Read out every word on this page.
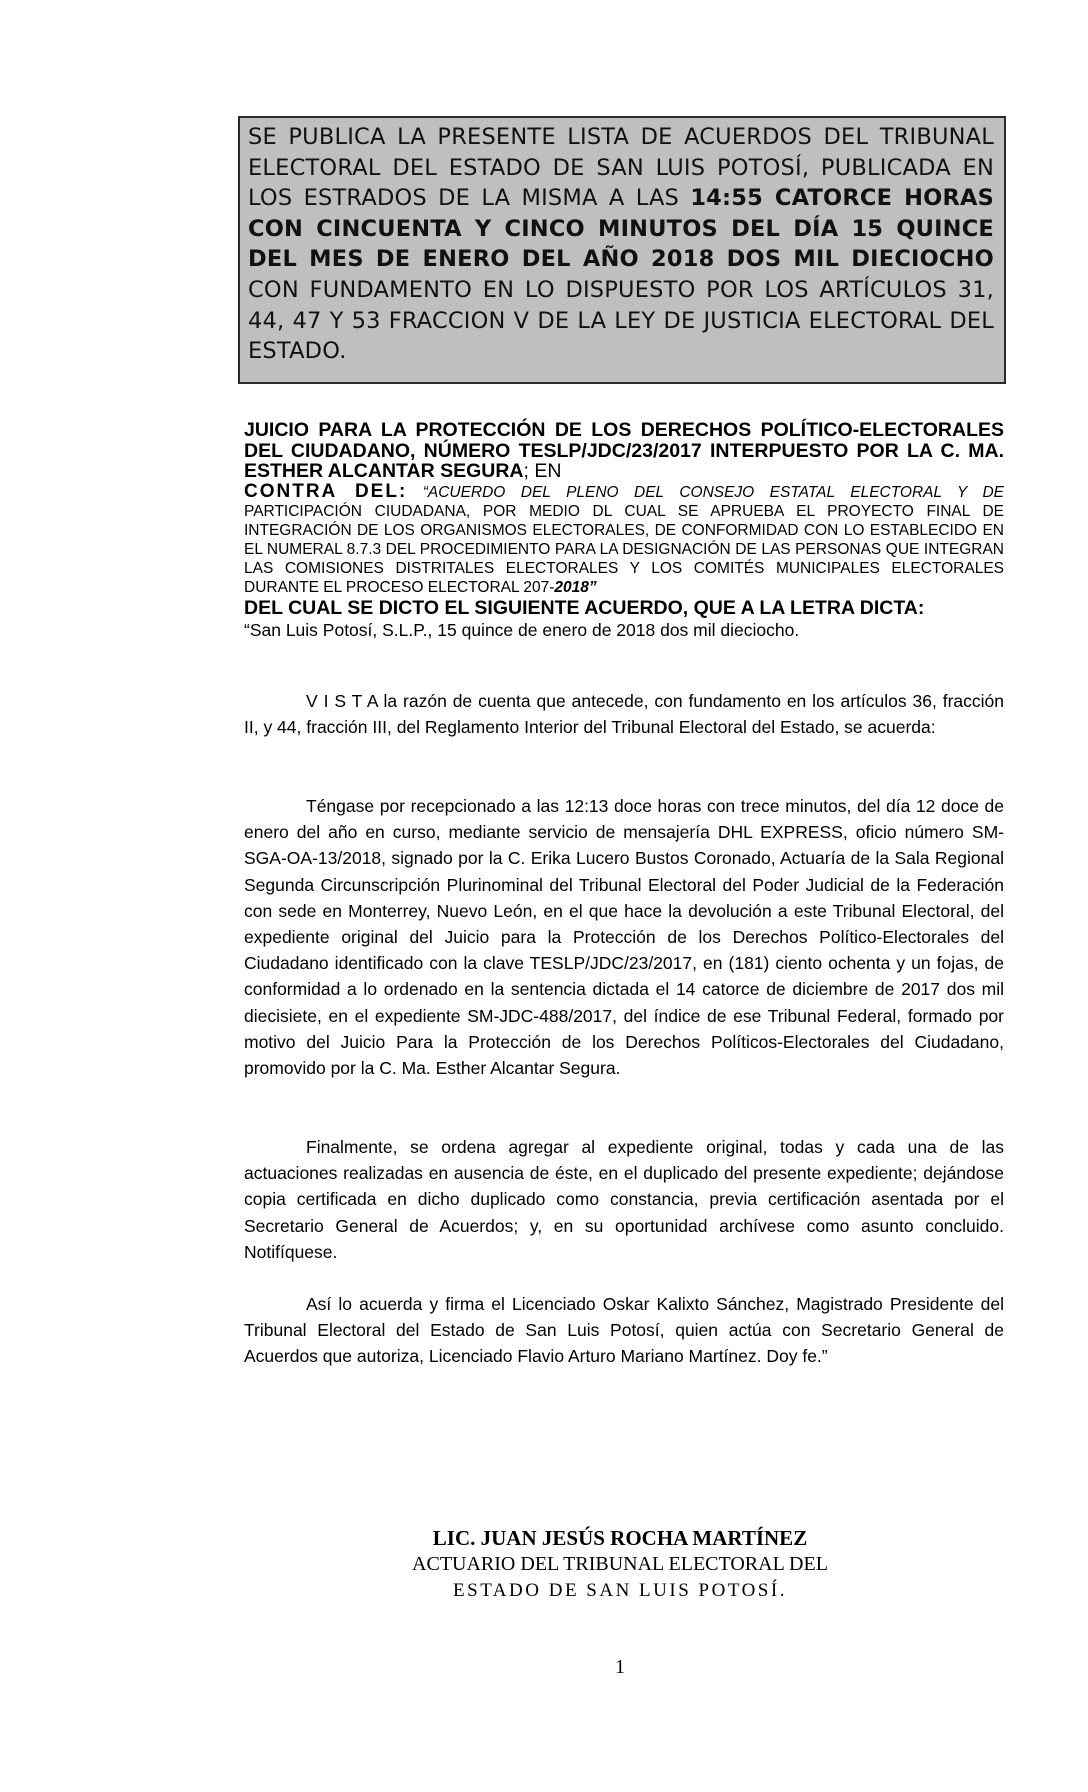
SE PUBLICA LA PRESENTE LISTA DE ACUERDOS DEL TRIBUNAL ELECTORAL DEL ESTADO DE SAN LUIS POTOSÍ, PUBLICADA EN LOS ESTRADOS DE LA MISMA A LAS 14:55 CATORCE HORAS CON CINCUENTA Y CINCO MINUTOS DEL DÍA 15 QUINCE DEL MES DE ENERO DEL AÑO 2018 DOS MIL DIECIOCHO CON FUNDAMENTO EN LO DISPUESTO POR LOS ARTÍCULOS 31, 44, 47 Y 53 FRACCION V DE LA LEY DE JUSTICIA ELECTORAL DEL ESTADO.
JUICIO PARA LA PROTECCIÓN DE LOS DERECHOS POLÍTICO-ELECTORALES DEL CIUDADANO, NÚMERO TESLP/JDC/23/2017 INTERPUESTO POR LA C. MA. ESTHER ALCANTAR SEGURA; EN
CONTRA DEL: “ACUERDO DEL PLENO DEL CONSEJO ESTATAL ELECTORAL Y DE PARTICIPACIÓN CIUDADANA, POR MEDIO DL CUAL SE APRUEBA EL PROYECTO FINAL DE INTEGRACIÓN DE LOS ORGANISMOS ELECTORALES, DE CONFORMIDAD CON LO ESTABLECIDO EN EL NUMERAL 8.7.3 DEL PROCEDIMIENTO PARA LA DESIGNACIÓN DE LAS PERSONAS QUE INTEGRAN LAS COMISIONES DISTRITALES ELECTORALES Y LOS COMITÉS MUNICIPALES ELECTORALES DURANTE EL PROCESO ELECTORAL 207-2018”
DEL CUAL SE DICTO EL SIGUIENTE ACUERDO, QUE A LA LETRA DICTA:
“San Luis Potosí, S.L.P., 15 quince de enero de 2018 dos mil dieciocho.

V I S T A la razón de cuenta que antecede, con fundamento en los artículos 36, fracción II, y 44, fracción III, del Reglamento Interior del Tribunal Electoral del Estado, se acuerda:

Téngase por recepcionado a las 12:13 doce horas con trece minutos, del día 12 doce de enero del año en curso, mediante servicio de mensajería DHL EXPRESS, oficio número SM-SGA-OA-13/2018, signado por la C. Erika Lucero Bustos Coronado, Actuaría de la Sala Regional Segunda Circunscripción Plurinominal del Tribunal Electoral del Poder Judicial de la Federación con sede en Monterrey, Nuevo León, en el que hace la devolución a este Tribunal Electoral, del expediente original del Juicio para la Protección de los Derechos Político-Electorales del Ciudadano identificado con la clave TESLP/JDC/23/2017, en (181) ciento ochenta y un fojas, de conformidad a lo ordenado en la sentencia dictada el 14 catorce de diciembre de 2017 dos mil diecisiete, en el expediente SM-JDC-488/2017, del índice de ese Tribunal Federal, formado por motivo del Juicio Para la Protección de los Derechos Políticos-Electorales del Ciudadano, promovido por la C. Ma. Esther Alcantar Segura.

Finalmente, se ordena agregar al expediente original, todas y cada una de las actuaciones realizadas en ausencia de éste, en el duplicado del presente expediente; dejándose copia certificada en dicho duplicado como constancia, previa certificación asentada por el Secretario General de Acuerdos; y, en su oportunidad archívese como asunto concluido. Notifíquese.

Así lo acuerda y firma el Licenciado Oskar Kalixto Sánchez, Magistrado Presidente del Tribunal Electoral del Estado de San Luis Potosí, quien actúa con Secretario General de Acuerdos que autoriza, Licenciado Flavio Arturo Mariano Martínez. Doy fe.”

LIC. JUAN JESÚS ROCHA MARTÍNEZ
ACTUARIO DEL TRIBUNAL ELECTORAL DEL
ESTADO DE SAN LUIS POTOSÍ.
1
